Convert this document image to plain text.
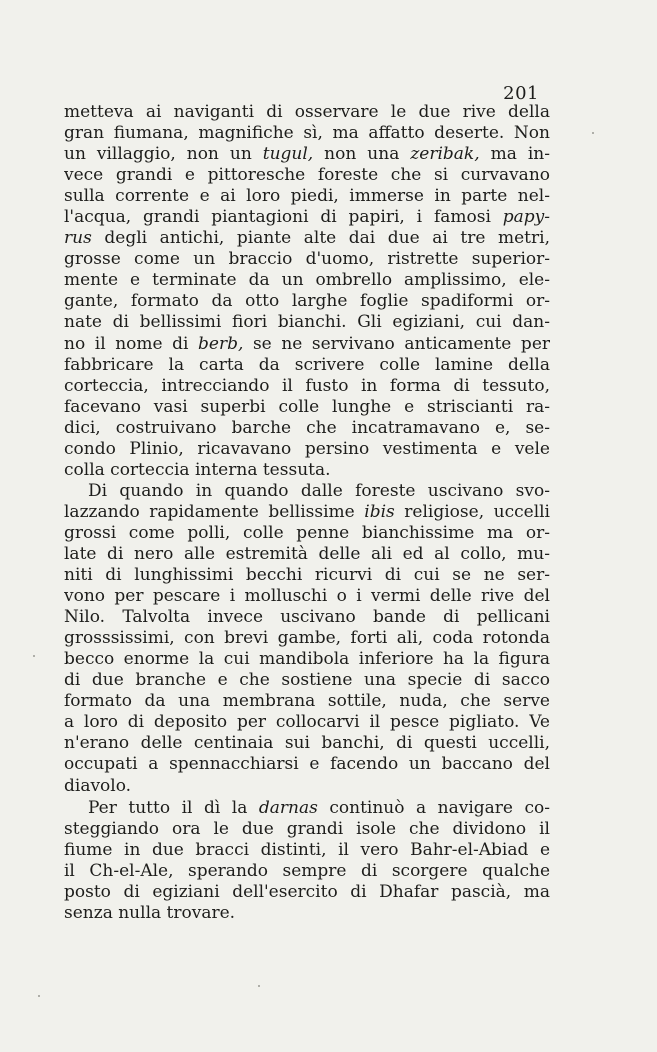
201
metteva ai naviganti di osservare le due rive della
gran fiumana, magnifiche sì, ma affatto deserte. Non
un villaggio, non un tugul, non una zeribak, ma in-
vece grandi e pittoresche foreste che si curvavano
sulla corrente e ai loro piedi, immerse in parte nel-
l'acqua, grandi piantagioni di papiri, i famosi papy-
rus degli antichi, piante alte dai due ai tre metri,
grosse come un braccio d'uomo, ristrette superior-
mente e terminate da un ombrello amplissimo, ele-
gante, formato da otto larghe foglie spadiformi or-
nate di bellissimi fiori bianchi. Gli egiziani, cui dan-
no il nome di berb, se ne servivano anticamente per
fabbricare la carta da scrivere colle lamine della
corteccia, intrecciando il fusto in forma di tessuto,
facevano vasi superbi colle lunghe e striscianti ra-
dici, costruivano barche che incatramavano e, se-
condo Plinio, ricavavano persino vestimenta e vele
colla corteccia interna tessuta.
Di quando in quando dalle foreste uscivano svo-
lazzando rapidamente bellissime ibis religiose, uccelli
grossi come polli, colle penne bianchissime ma or-
late di nero alle estremità delle ali ed al collo, mu-
niti di lunghissimi becchi ricurvi di cui se ne ser-
vono per pescare i molluschi o i vermi delle rive del
Nilo. Talvolta invece uscivano bande di pellicani
grosssissimi, con brevi gambe, forti ali, coda rotonda
becco enorme la cui mandibola inferiore ha la figura
di due branche e che sostiene una specie di sacco
formato da una membrana sottile, nuda, che serve
a loro di deposito per collocarvi il pesce pigliato. Ve
n'erano delle centinaia sui banchi, di questi uccelli,
occupati a spennacchiarsi e facendo un baccano del
diavolo.
Per tutto il dì la darnas continuò a navigare co-
steggiando ora le due grandi isole che dividono il
fiume in due bracci distinti, il vero Bahr-el-Abiad e
il Ch-el-Ale, sperando sempre di scorgere qualche
posto di egiziani dell'esercito di Dhafar pascià, ma
senza nulla trovare.
